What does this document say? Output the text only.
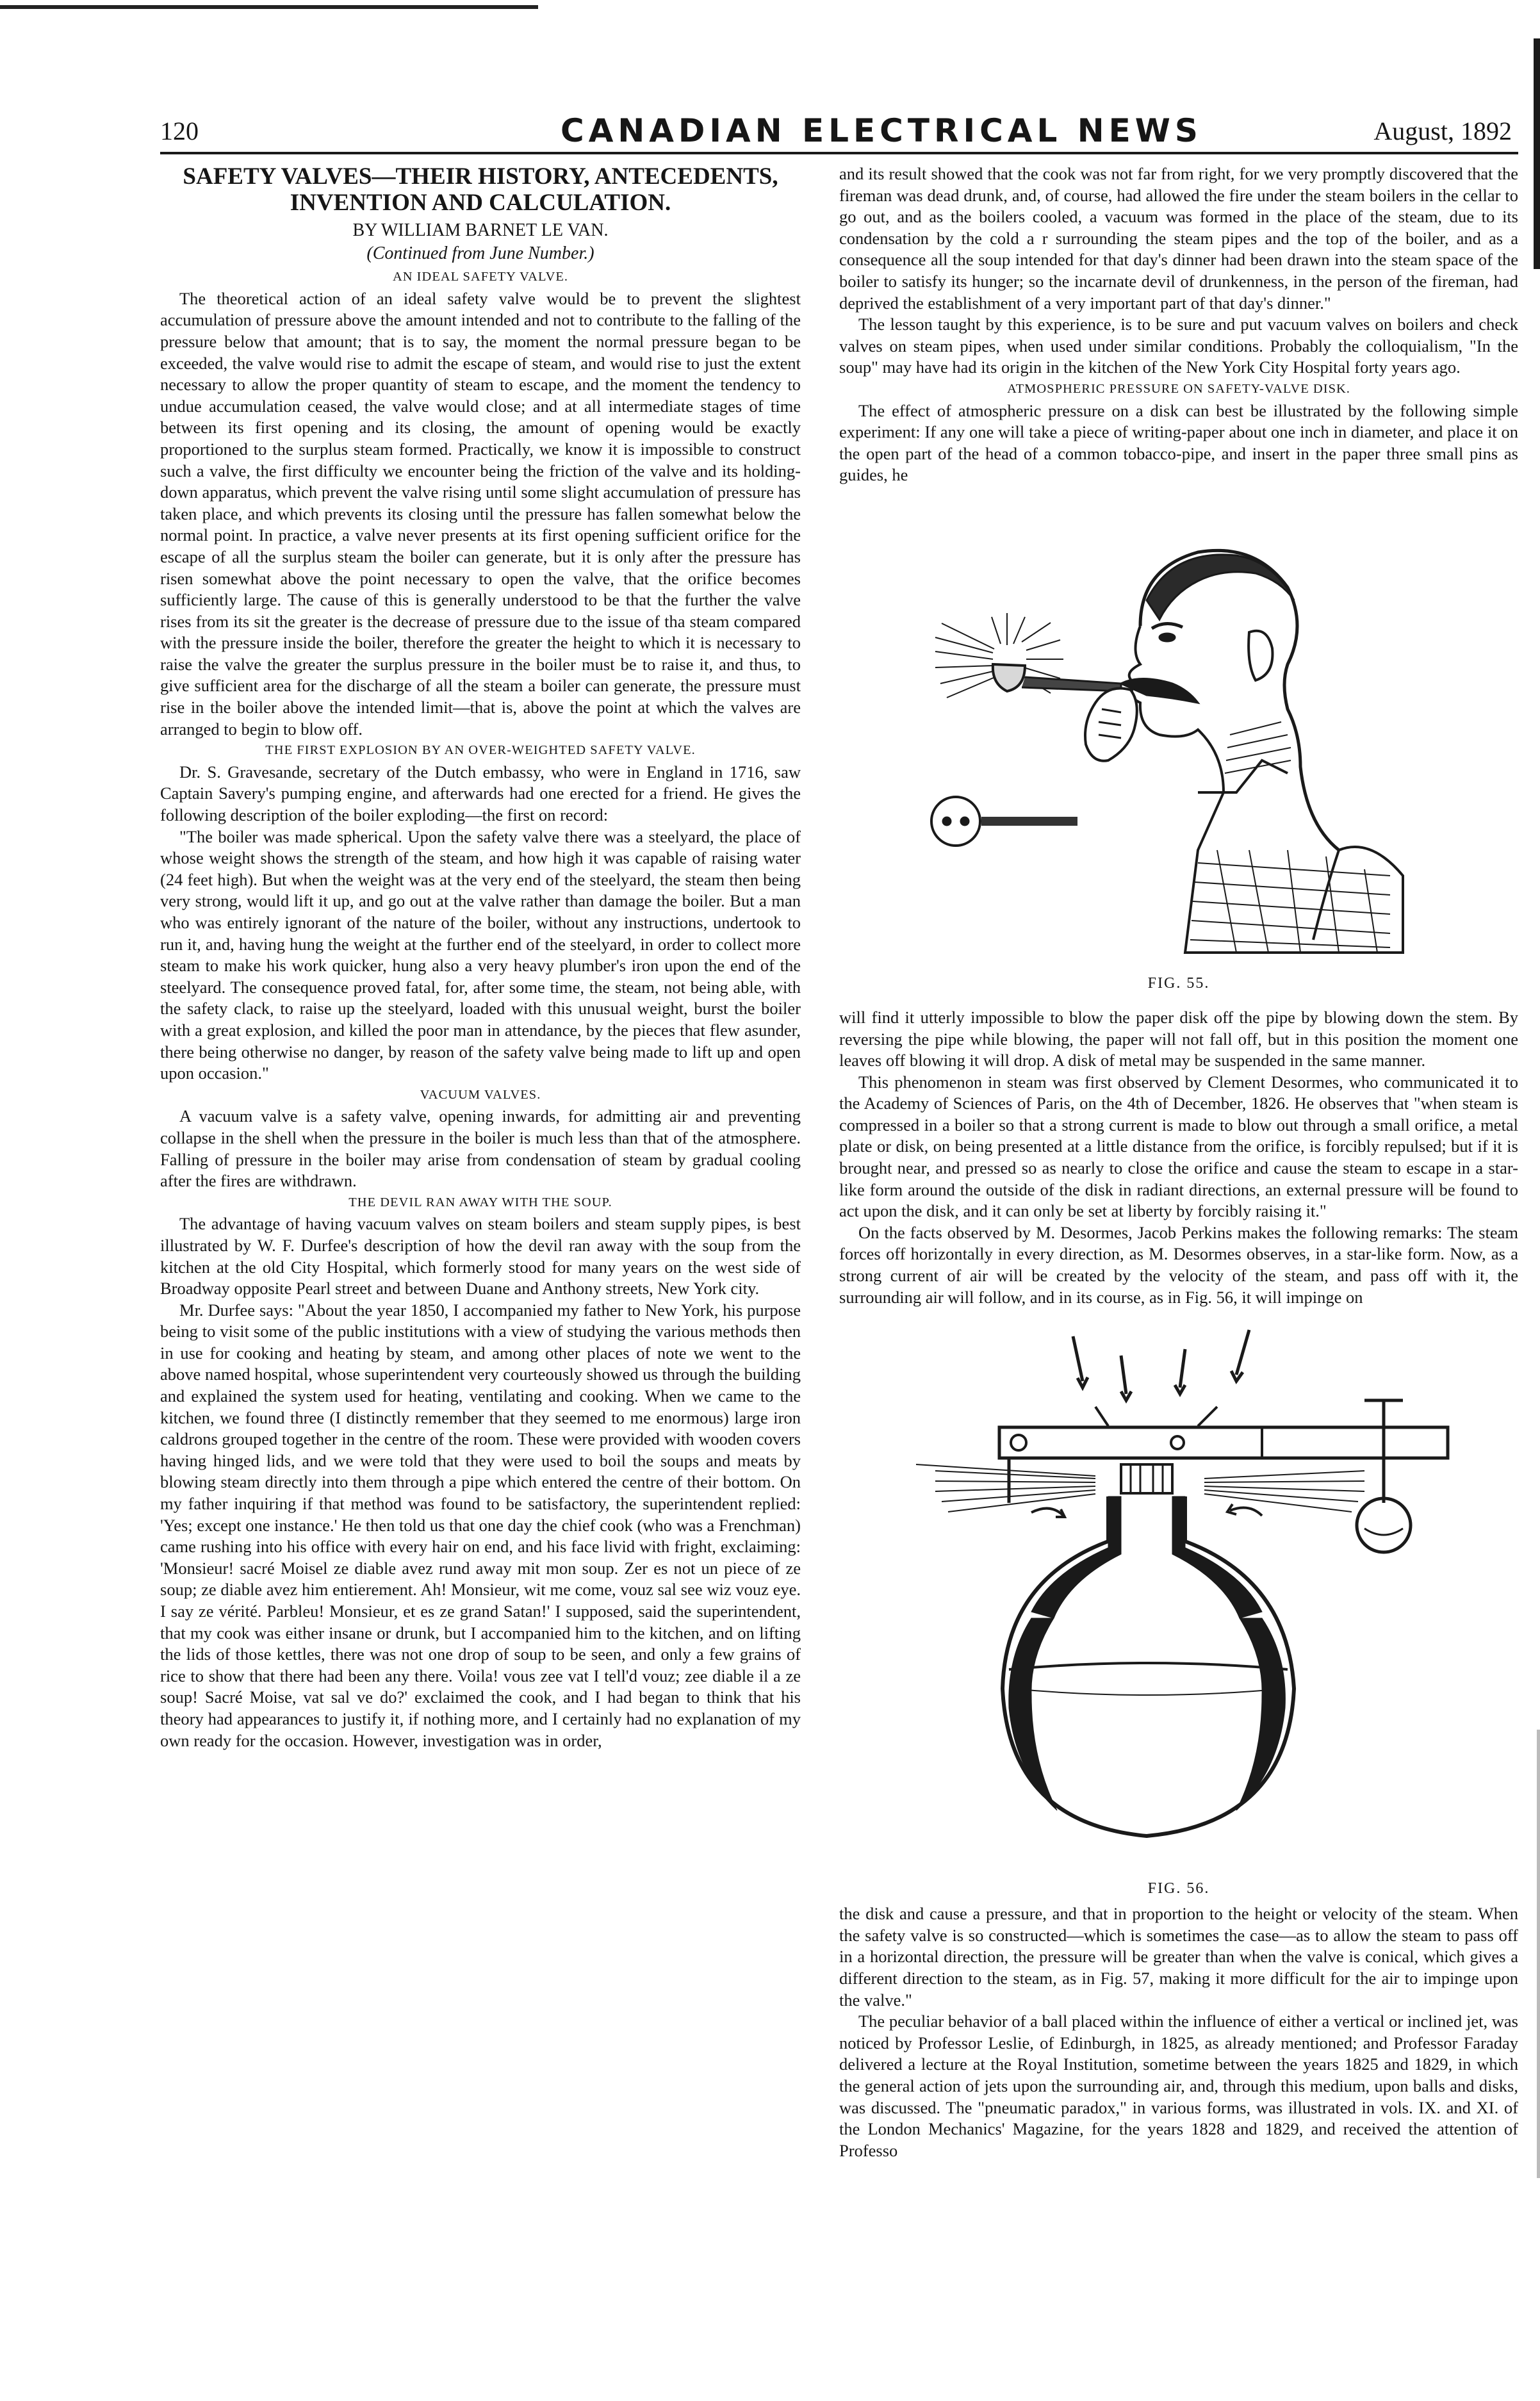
120	CANADIAN ELECTRICAL NEWS	August, 1892
SAFETY VALVES—THEIR HISTORY, ANTECEDENTS, INVENTION AND CALCULATION.
BY WILLIAM BARNET LE VAN.
(Continued from June Number.)
AN IDEAL SAFETY VALVE.

The theoretical action of an ideal safety valve would be to prevent the slightest accumulation of pressure above the amount intended and not to contribute to the falling of the pressure below that amount; that is to say, the moment the normal pressure began to be exceeded, the valve would rise to admit the escape of steam, and would rise to just the extent necessary to allow the proper quantity of steam to escape, and the moment the tendency to undue accumulation ceased, the valve would close; and at all intermediate stages of time between its first opening and its closing, the amount of opening would be exactly proportioned to the surplus steam formed. Practically, we know it is impossible to construct such a valve, the first difficulty we encounter being the friction of the valve and its holding-down apparatus, which prevent the valve rising until some slight accumulation of pressure has taken place, and which prevents its closing until the pressure has fallen somewhat below the normal point. In practice, a valve never presents at its first opening sufficient orifice for the escape of all the surplus steam the boiler can generate, but it is only after the pressure has risen somewhat above the point necessary to open the valve, that the orifice becomes sufficiently large. The cause of this is generally understood to be that the further the valve rises from its sit the greater is the decrease of pressure due to the issue of tha steam compared with the pressure inside the boiler, therefore the greater the height to which it is necessary to raise the valve the greater the surplus pressure in the boiler must be to raise it, and thus, to give sufficient area for the discharge of all the steam a boiler can generate, the pressure must rise in the boiler above the intended limit—that is, above the point at which the valves are arranged to begin to blow off.

THE FIRST EXPLOSION BY AN OVER-WEIGHTED SAFETY VALVE.

Dr. S. Gravesande, secretary of the Dutch embassy, who were in England in 1716, saw Captain Savery's pumping engine, and afterwards had one erected for a friend. He gives the following description of the boiler exploding—the first on record:

"The boiler was made spherical. Upon the safety valve there was a steelyard, the place of whose weight shows the strength of the steam, and how high it was capable of raising water (24 feet high). But when the weight was at the very end of the steelyard, the steam then being very strong, would lift it up, and go out at the valve rather than damage the boiler. But a man who was entirely ignorant of the nature of the boiler, without any instructions, undertook to run it, and, having hung the weight at the further end of the steelyard, in order to collect more steam to make his work quicker, hung also a very heavy plumber's iron upon the end of the steelyard. The consequence proved fatal, for, after some time, the steam, not being able, with the safety clack, to raise up the steelyard, loaded with this unusual weight, burst the boiler with a great explosion, and killed the poor man in attendance, by the pieces that flew asunder, there being otherwise no danger, by reason of the safety valve being made to lift up and open upon occasion."

VACUUM VALVES.

A vacuum valve is a safety valve, opening inwards, for admitting air and preventing collapse in the shell when the pressure in the boiler is much less than that of the atmosphere. Falling of pressure in the boiler may arise from condensation of steam by gradual cooling after the fires are withdrawn.

THE DEVIL RAN AWAY WITH THE SOUP.

The advantage of having vacuum valves on steam boilers and steam supply pipes, is best illustrated by W. F. Durfee's description of how the devil ran away with the soup from the kitchen at the old City Hospital, which formerly stood for many years on the west side of Broadway opposite Pearl street and between Duane and Anthony streets, New York city.

Mr. Durfee says: "About the year 1850, I accompanied my father to New York, his purpose being to visit some of the public institutions with a view of studying the various methods then in use for cooking and heating by steam, and among other places of note we went to the above named hospital, whose superintendent very courteously showed us through the building and explained the system used for heating, ventilating and cooking. When we came to the kitchen, we found three (I distinctly remember that they seemed to me enormous) large iron caldrons grouped together in the centre of the room. These were provided with wooden covers having hinged lids, and we were told that they were used to boil the soups and meats by blowing steam directly into them through a pipe which entered the centre of their bottom. On my father inquiring if that method was found to be satisfactory, the superintendent replied: 'Yes; except one instance.' He then told us that one day the chief cook (who was a Frenchman) came rushing into his office with every hair on end, and his face livid with fright, exclaiming: 'Monsieur! sacré Moisel ze diable avez rund away mit mon soup. Zer es not un piece of ze soup; ze diable avez him entierement. Ah! Monsieur, wit me come, vouz sal see wiz vouz eye. I say ze vérité. Parbleu! Monsieur, et es ze grand Satan!' I supposed, said the superintendent, that my cook was either insane or drunk, but I accompanied him to the kitchen, and on lifting the lids of those kettles, there was not one drop of soup to be seen, and only a few grains of rice to show that there had been any there. Voila! vous zee vat I tell'd vouz; zee diable il a ze soup! Sacré Moise, vat sal ve do?' exclaimed the cook, and I had began to think that his theory had appearances to justify it, if nothing more, and I certainly had no explanation of my own ready for the occasion. However, investigation was in order,

and its result showed that the cook was not far from right, for we very promptly discovered that the fireman was dead drunk, and, of course, had allowed the fire under the steam boilers in the cellar to go out, and as the boilers cooled, a vacuum was formed in the place of the steam, due to its condensation by the cold a r surrounding the steam pipes and the top of the boiler, and as a consequence all the soup intended for that day's dinner had been drawn into the steam space of the boiler to satisfy its hunger; so the incarnate devil of drunkenness, in the person of the fireman, had deprived the establishment of a very important part of that day's dinner."

The lesson taught by this experience, is to be sure and put vacuum valves on boilers and check valves on steam pipes, when used under similar conditions. Probably the colloquialism, "In the soup" may have had its origin in the kitchen of the New York City Hospital forty years ago.

ATMOSPHERIC PRESSURE ON SAFETY-VALVE DISK.

The effect of atmospheric pressure on a disk can best be illustrated by the following simple experiment: If any one will take a piece of writing-paper about one inch in diameter, and place it on the open part of the head of a common tobacco-pipe, and insert in the paper three small pins as guides, he

FIG. 55.

will find it utterly impossible to blow the paper disk off the pipe by blowing down the stem. By reversing the pipe while blowing, the paper will not fall off, but in this position the moment one leaves off blowing it will drop. A disk of metal may be suspended in the same manner.

This phenomenon in steam was first observed by Clement Desormes, who communicated it to the Academy of Sciences of Paris, on the 4th of December, 1826. He observes that "when steam is compressed in a boiler so that a strong current is made to blow out through a small orifice, a metal plate or disk, on being presented at a little distance from the orifice, is forcibly repulsed; but if it is brought near, and pressed so as nearly to close the orifice and cause the steam to escape in a star-like form around the outside of the disk in radiant directions, an external pressure will be found to act upon the disk, and it can only be set at liberty by forcibly raising it."

On the facts observed by M. Desormes, Jacob Perkins makes the following remarks: The steam forces off horizontally in every direction, as M. Desormes observes, in a star-like form. Now, as a strong current of air will be created by the velocity of the steam, and pass off with it, the surrounding air will follow, and in its course, as in Fig. 56, it will impinge on

FIG. 56.

the disk and cause a pressure, and that in proportion to the height or velocity of the steam. When the safety valve is so constructed—which is sometimes the case—as to allow the steam to pass off in a horizontal direction, the pressure will be greater than when the valve is conical, which gives a different direction to the steam, as in Fig. 57, making it more difficult for the air to impinge upon the valve."

The peculiar behavior of a ball placed within the influence of either a vertical or inclined jet, was noticed by Professor Leslie, of Edinburgh, in 1825, as already mentioned; and Professor Faraday delivered a lecture at the Royal Institution, sometime between the years 1825 and 1829, in which the general action of jets upon the surrounding air, and, through this medium, upon balls and disks, was discussed. The "pneumatic paradox," in various forms, was illustrated in vols. IX. and XI. of the London Mechanics' Magazine, for the years 1828 and 1829, and received the attention of Professo
